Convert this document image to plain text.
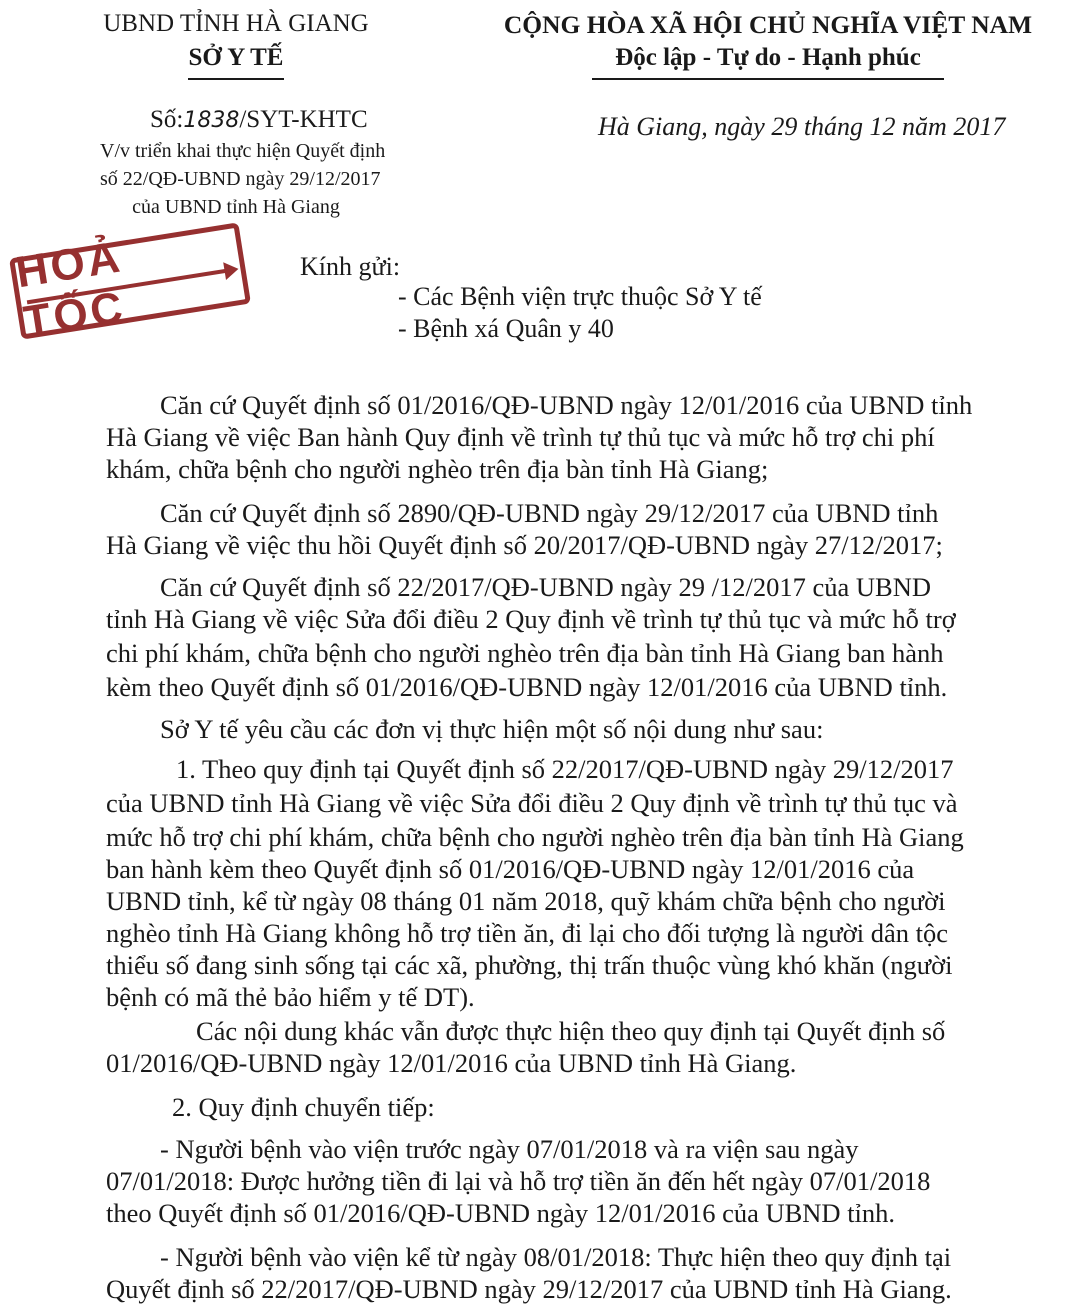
UBND TỈNH HÀ GIANG
SỞ Y TẾ
CỘNG HÒA XÃ HỘI CHỦ NGHĨA VIỆT NAM
Độc lập - Tự do - Hạnh phúc
Số:1838/SYT-KHTC	Hà Giang, ngày 29 tháng 12 năm 2017
V/v triển khai thực hiện Quyết định
số 22/QĐ-UBND ngày 29/12/2017
của UBND tỉnh Hà Giang
HOẢ TỐC
Kính gửi:
- Các Bệnh viện trực thuộc Sở Y tế
- Bệnh xá Quân y 40
Căn cứ Quyết định số 01/2016/QĐ-UBND ngày 12/01/2016 của UBND tỉnh
Hà Giang về việc Ban hành Quy định về trình tự thủ tục và mức hỗ trợ chi phí
khám, chữa bệnh cho người nghèo trên địa bàn tỉnh Hà Giang;
Căn cứ Quyết định số 2890/QĐ-UBND ngày 29/12/2017 của UBND tỉnh
Hà Giang về việc thu hồi Quyết định số 20/2017/QĐ-UBND ngày 27/12/2017;
Căn cứ Quyết định số 22/2017/QĐ-UBND ngày 29 /12/2017 của UBND
tỉnh Hà Giang về việc Sửa đổi điều 2 Quy định về trình tự thủ tục và mức hỗ trợ
chi phí khám, chữa bệnh cho người nghèo trên địa bàn tỉnh Hà Giang ban hành
kèm theo Quyết định số 01/2016/QĐ-UBND ngày 12/01/2016 của UBND tỉnh.
Sở Y tế yêu cầu các đơn vị thực hiện một số nội dung như sau:
1. Theo quy định tại Quyết định số 22/2017/QĐ-UBND ngày 29/12/2017
của UBND tỉnh Hà Giang về việc Sửa đổi điều 2 Quy định về trình tự thủ tục và
mức hỗ trợ chi phí khám, chữa bệnh cho người nghèo trên địa bàn tỉnh Hà Giang
ban hành kèm theo Quyết định số 01/2016/QĐ-UBND ngày 12/01/2016 của
UBND tỉnh, kể từ ngày 08 tháng 01 năm 2018, quỹ khám chữa bệnh cho người
nghèo tỉnh Hà Giang không hỗ trợ tiền ăn, đi lại cho đối tượng là người dân tộc
thiểu số đang sinh sống tại các xã, phường, thị trấn thuộc vùng khó khăn (người
bệnh có mã thẻ bảo hiểm y tế DT).
Các nội dung khác vẫn được thực hiện theo quy định tại Quyết định số
01/2016/QĐ-UBND ngày 12/01/2016 của UBND tỉnh Hà Giang.
2. Quy định chuyển tiếp:
- Người bệnh vào viện trước ngày 07/01/2018 và ra viện sau ngày
07/01/2018: Được hưởng tiền đi lại và hỗ trợ tiền ăn đến hết ngày 07/01/2018
theo Quyết định số 01/2016/QĐ-UBND ngày 12/01/2016 của UBND tỉnh.
- Người bệnh vào viện kể từ ngày 08/01/2018: Thực hiện theo quy định tại
Quyết định số 22/2017/QĐ-UBND ngày 29/12/2017 của UBND tỉnh Hà Giang.
